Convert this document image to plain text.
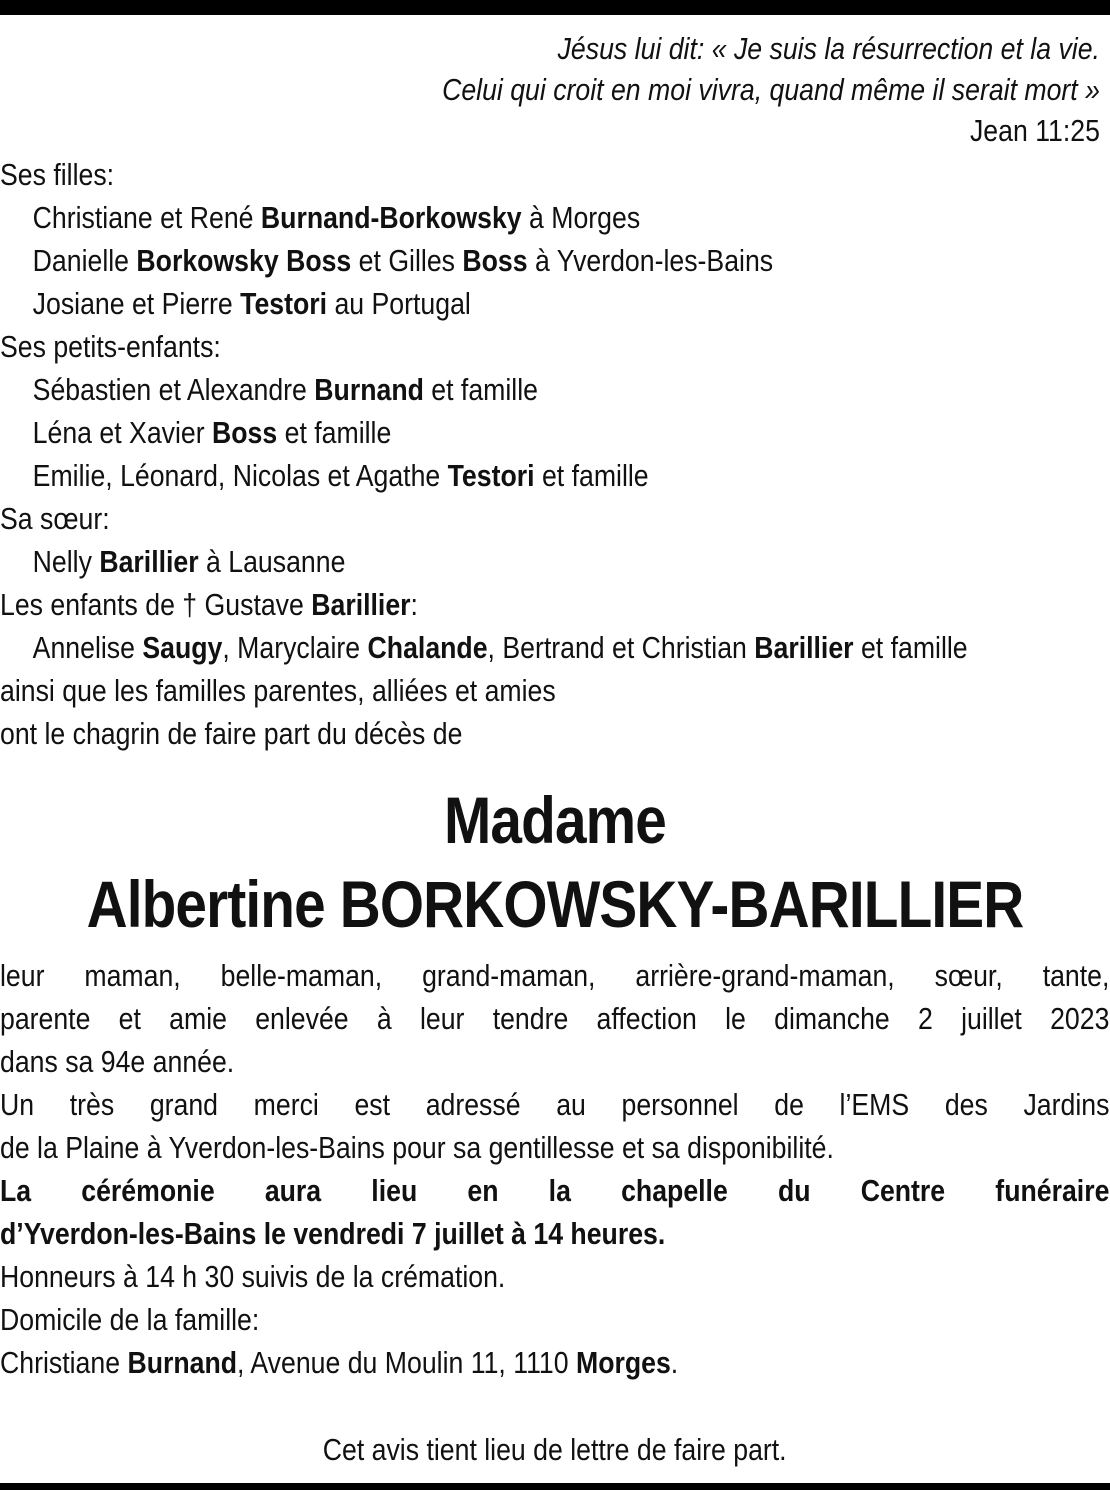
Jésus lui dit: « Je suis la résurrection et la vie.
Celui qui croit en moi vivra, quand même il serait mort »
Jean 11:25
Ses filles:
Christiane et René Burnand-Borkowsky à Morges
Danielle Borkowsky Boss et Gilles Boss à Yverdon-les-Bains
Josiane et Pierre Testori au Portugal
Ses petits-enfants:
Sébastien et Alexandre Burnand et famille
Léna et Xavier Boss et famille
Emilie, Léonard, Nicolas et Agathe Testori et famille
Sa sœur:
Nelly Barillier à Lausanne
Les enfants de † Gustave Barillier:
Annelise Saugy, Maryclaire Chalande, Bertrand et Christian Barillier et famille
ainsi que les familles parentes, alliées et amies
ont le chagrin de faire part du décès de
Madame
Albertine BORKOWSKY-BARILLIER
leur maman, belle-maman, grand-maman, arrière-grand-maman, sœur, tante,
parente et amie enlevée à leur tendre affection le dimanche 2 juillet 2023
dans sa 94e année.
Un très grand merci est adressé au personnel de l’EMS des Jardins
de la Plaine à Yverdon-les-Bains pour sa gentillesse et sa disponibilité.
La cérémonie aura lieu en la chapelle du Centre funéraire
d’Yverdon-les-Bains le vendredi 7 juillet à 14 heures.
Honneurs à 14 h 30 suivis de la crémation.
Domicile de la famille:
Christiane Burnand, Avenue du Moulin 11, 1110 Morges.
Cet avis tient lieu de lettre de faire part.
